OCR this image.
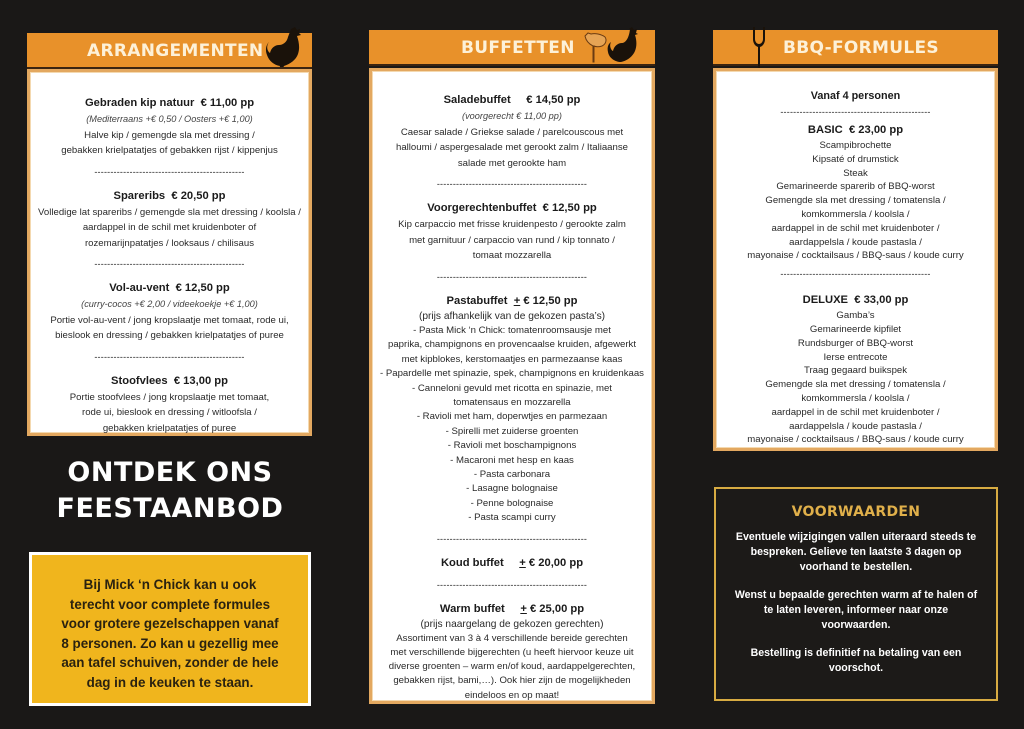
ARRANGEMENTEN
Gebraden kip natuur € 11,00 pp
(Mediterraans +€ 0,50 / Oosters +€ 1,00)
Halve kip / gemengde sla met dressing /
gebakken krielpatatjes of gebakken rijst / kippenjus
-----------------------------------------------
Spareribs € 20,50 pp
Volledige lat spareribs / gemengde sla met dressing / koolsla /
aardappel in de schil met kruidenboter of
rozemarijnpatatjes / looksaus / chilisaus
-----------------------------------------------
Vol-au-vent € 12,50 pp
(curry-cocos +€ 2,00 / videekoekje +€ 1,00)
Portie vol-au-vent / jong kropslaatje met tomaat, rode ui,
bieslook en dressing / gebakken krielpatatjes of puree
-----------------------------------------------
Stoofvlees € 13,00 pp
Portie stoofvlees / jong kropslaatje met tomaat,
rode ui, bieslook en dressing / witloofsla /
gebakken krielpatatjes of puree
ONTDEK ONS
FEESTAANBOD

Bij Mick ‘n Chick kan u ook
terecht voor complete formules
voor grotere gezelschappen vanaf
8 personen. Zo kan u gezellig mee
aan tafel schuiven, zonder de hele
dag in de keuken te staan.

BUFFETTEN
Saladebuffet € 14,50 pp
(voorgerecht € 11,00 pp)
Caesar salade / Griekse salade / parelcouscous met
halloumi / aspergesalade met gerookt zalm / Italiaanse
salade met gerookte ham
-----------------------------------------------
Voorgerechtenbuffet € 12,50 pp
Kip carpaccio met frisse kruidenpesto / gerookte zalm
met garnituur / carpaccio van rund / kip tonnato /
tomaat mozzarella
-----------------------------------------------
Pastabuffet + € 12,50 pp
(prijs afhankelijk van de gekozen pasta’s)
- Pasta Mick ‘n Chick: tomatenroomsausje met
paprika, champignons en provencaalse kruiden, afgewerkt
met kipblokes, kerstomaatjes en parmezaanse kaas
- Papardelle met spinazie, spek, champignons en kruidenkaas
- Canneloni gevuld met ricotta en spinazie, met
tomatensaus en mozzarella
- Ravioli met ham, doperwtjes en parmezaan
- Spirelli met zuiderse groenten
- Ravioli met boschampignons
- Macaroni met hesp en kaas
- Pasta carbonara
- Lasagne bolognaise
- Penne bolognaise
- Pasta scampi curry
-----------------------------------------------
Koud buffet + € 20,00 pp
-----------------------------------------------
Warm buffet + € 25,00 pp
(prijs naargelang de gekozen gerechten)
Assortiment van 3 à 4 verschillende bereide gerechten
met verschillende bijgerechten (u heeft hiervoor keuze uit
diverse groenten – warm en/of koud, aardappelgerechten,
gebakken rijst, bami,…). Ook hier zijn de mogelijkheden
eindeloos en op maat!
BBQ-FORMULES
Vanaf 4 personen
-----------------------------------------------
BASIC € 23,00 pp
Scampibrochette
Kipsaté of drumstick
Steak
Gemarineerde sparerib of BBQ-worst
Gemengde sla met dressing / tomatensla /
komkommersla / koolsla /
aardappel in de schil met kruidenboter /
aardappelsla / koude pastasla /
mayonaise / cocktailsaus / BBQ-saus / koude curry
-----------------------------------------------
DELUXE € 33,00 pp
Gamba’s
Gemarineerde kipfilet
Rundsburger of BBQ-worst
Ierse entrecote
Traag gegaard buikspek
Gemengde sla met dressing / tomatensla /
komkommersla / koolsla /
aardappel in de schil met kruidenboter /
aardappelsla / koude pastasla /
mayonaise / cocktailsaus / BBQ-saus / koude curry
VOORWAARDEN

Eventuele wijzigingen vallen uiteraard steeds te bespreken. Gelieve ten laatste 3 dagen op voorhand te bestellen.

Wenst u bepaalde gerechten warm af te halen of te laten leveren, informeer naar onze voorwaarden.

Bestelling is definitief na betaling van een voorschot.
